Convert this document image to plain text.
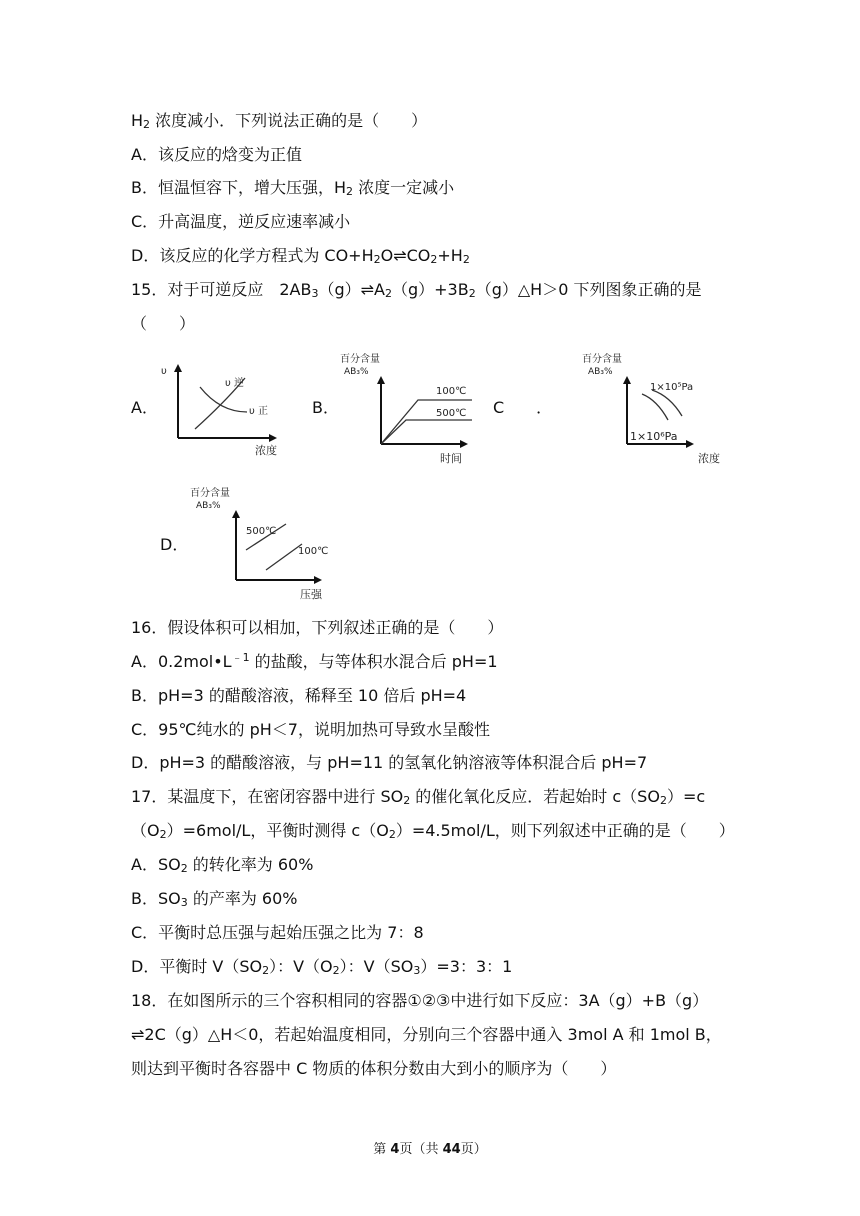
$H_2$ 浓度减小．下列说法正确的是（　　）
A．该反应的焓变为正值
B．恒温恒容下，增大压强，$H_2$ 浓度一定减小
C．升高温度，逆反应速率减小
D．该反应的化学方程式为 $CO+H_2O\rightleftharpoons CO_2+H_2$
15．对于可逆反应　$2AB_3(g)\rightleftharpoons A_2(g)+3B_2(g)\triangle H>0$ 下列图象正确的是
（　　）
A．	B．	C　　．
D．
υ
υ 逆
υ 正
浓度
百分含量
AB₃%
100℃
500℃
时间
百分含量
AB₃%
1×10⁵Pa
1×10⁶Pa
浓度
百分含量
AB₃%
500℃
100℃
压强
16．假设体积可以相加，下列叙述正确的是（　　）
A．$0.2mol•L^{﹣1}$ 的盐酸，与等体积水混合后 pH=1
B．pH=3 的醋酸溶液，稀释至 10 倍后 pH=4
C．95℃纯水的 pH＜7，说明加热可导致水呈酸性
D．pH=3 的醋酸溶液，与 pH=11 的氢氧化钠溶液等体积混合后 pH=7
17．某温度下，在密闭容器中进行 $SO_2$ 的催化氧化反应．若起始时 $c(SO_2)=c$
$(O_2)=6mol/L$，平衡时测得 $c(O_2)=4.5mol/L$，则下列叙述中正确的是（　　）
A．$SO_2$ 的转化率为 60%
B．$SO_3$ 的产率为 60%
C．平衡时总压强与起始压强之比为 7：8
D．平衡时 $V(SO_2)$：$V(O_2)$：$V(SO_3)=3$：3：1
18．在如图所示的三个容积相同的容器①②③中进行如下反应：3A（g）+B（g）
⇌2C（g）△H＜0，若起始温度相同，分别向三个容器中通入 3mol A 和 1mol B，
则达到平衡时各容器中 C 物质的体积分数由大到小的顺序为（　　）
第 4页（共 44页）
